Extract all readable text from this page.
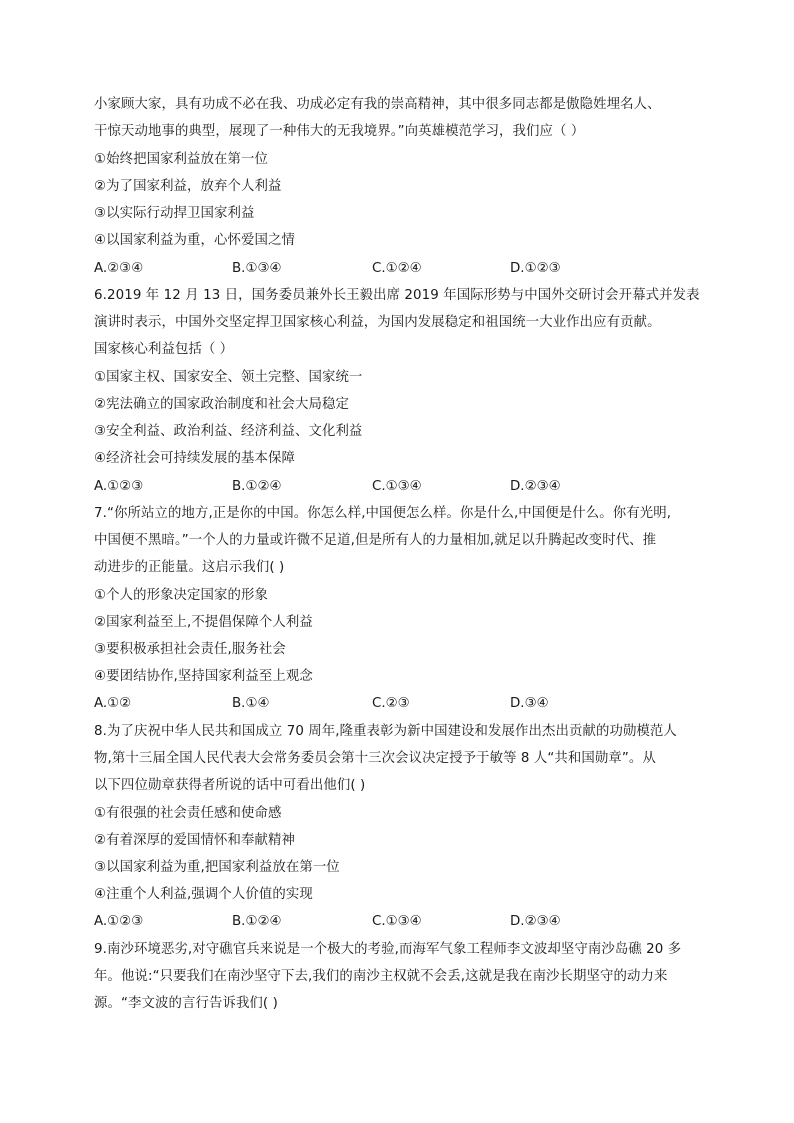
小家顾大家，具有功成不必在我、功成必定有我的崇高精神，其中很多同志都是傲隐姓埋名人、
干惊天动地事的典型，展现了一种伟大的无我境界。”向英雄模范学习，我们应（ ）
①始终把国家利益放在第一位
②为了国家利益，放弃个人利益
③以实际行动捍卫国家利益
④以国家利益为重，心怀爱国之情
A.②③④	B.①③④	C.①②④	D.①②③
6.2019 年 12 月 13 日，国务委员兼外长王毅出席 2019 年国际形势与中国外交研讨会开幕式并发表
演讲时表示，中国外交坚定捍卫国家核心利益，为国内发展稳定和祖国统一大业作出应有贡献。
国家核心利益包括（ ）
①国家主权、国家安全、领土完整、国家统一
②宪法确立的国家政治制度和社会大局稳定
③安全利益、政治利益、经济利益、文化利益
④经济社会可持续发展的基本保障
A.①②③	B.①②④	C.①③④	D.②③④
7.“你所站立的地方,正是你的中国。你怎么样,中国便怎么样。你是什么,中国便是什么。你有光明,
中国便不黑暗。”一个人的力量或许微不足道,但是所有人的力量相加,就足以升腾起改变时代、推
动进步的正能量。这启示我们( )
①个人的形象决定国家的形象
②国家利益至上,不提倡保障个人利益
③要积极承担社会责任,服务社会
④要团结协作,坚持国家利益至上观念
A.①②	B.①④	C.②③	D.③④
8.为了庆祝中华人民共和国成立 70 周年,隆重表彰为新中国建设和发展作出杰出贡献的功勋模范人
物,第十三届全国人民代表大会常务委员会第十三次会议决定授予于敏等 8 人“共和国勋章”。从
以下四位勋章获得者所说的话中可看出他们( )
①有很强的社会责任感和使命感
②有着深厚的爱国情怀和奉献精神
③以国家利益为重,把国家利益放在第一位
④注重个人利益,强调个人价值的实现
A.①②③	B.①②④	C.①③④	D.②③④
9.南沙环境恶劣,对守礁官兵来说是一个极大的考验,而海军气象工程师李文波却坚守南沙岛礁 20 多
年。他说:“只要我们在南沙坚守下去,我们的南沙主权就不会丢,这就是我在南沙长期坚守的动力来
源。“李文波的言行告诉我们( )
